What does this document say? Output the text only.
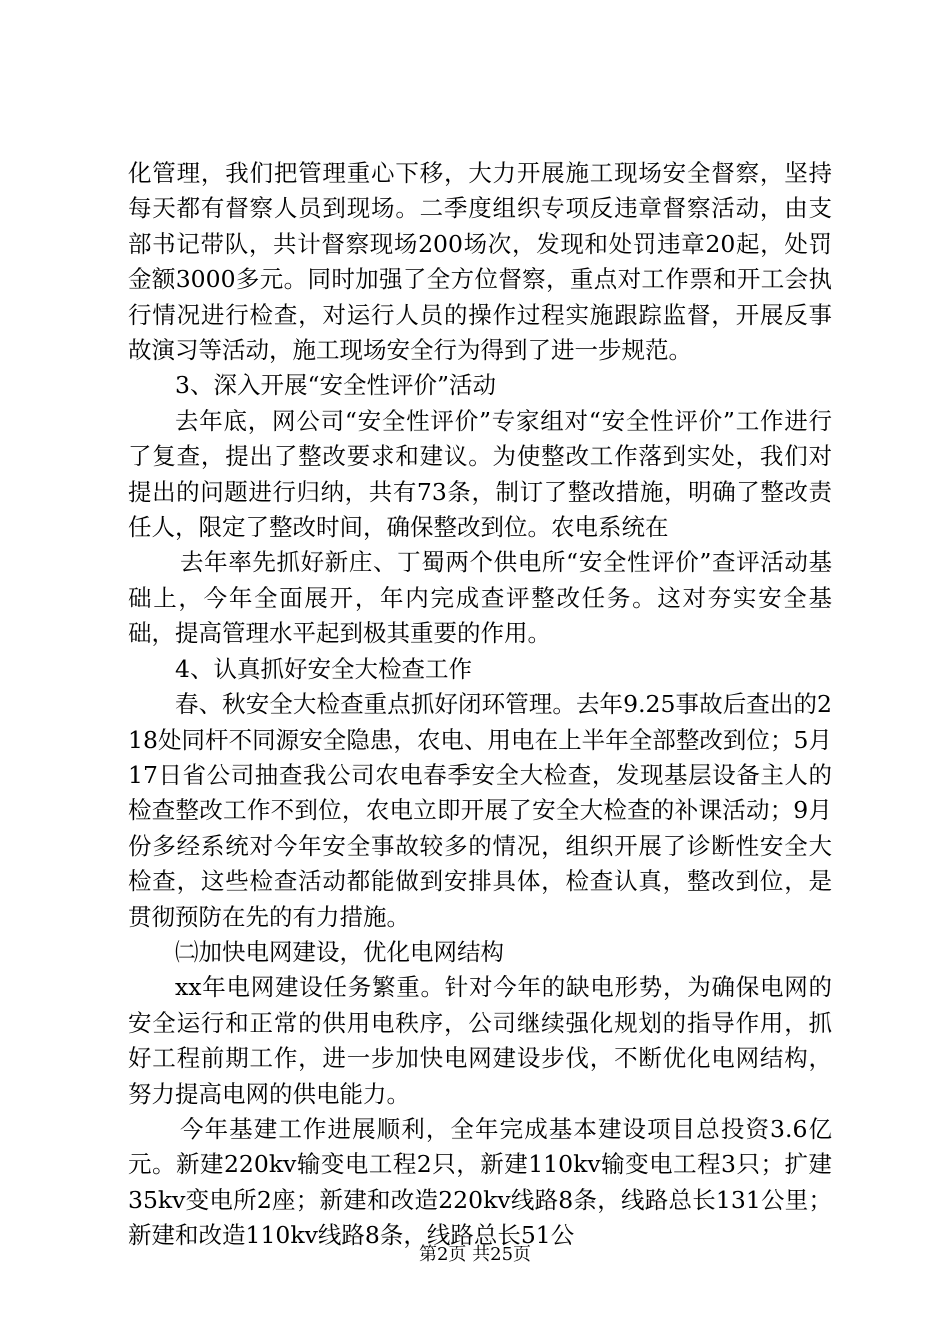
化管理，我们把管理重心下移，大力开展施工现场安全督察，坚持每天都有督察人员到现场。二季度组织专项反违章督察活动，由支部书记带队，共计督察现场200场次，发现和处罚违章20起，处罚金额3000多元。同时加强了全方位督察，重点对工作票和开工会执行情况进行检查，对运行人员的操作过程实施跟踪监督，开展反事故演习等活动，施工现场安全行为得到了进一步规范。

3、深入开展“安全性评价”活动

去年底，网公司“安全性评价”专家组对“安全性评价”工作进行了复查，提出了整改要求和建议。为使整改工作落到实处，我们对提出的问题进行归纳，共有73条，制订了整改措施，明确了整改责任人，限定了整改时间，确保整改到位。农电系统在

去年率先抓好新庄、丁蜀两个供电所“安全性评价”查评活动基础上，今年全面展开，年内完成查评整改任务。这对夯实安全基础，提高管理水平起到极其重要的作用。

4、认真抓好安全大检查工作

春、秋安全大检查重点抓好闭环管理。去年9.25事故后查出的218处同杆不同源安全隐患，农电、用电在上半年全部整改到位；5月17日省公司抽查我公司农电春季安全大检查，发现基层设备主人的检查整改工作不到位，农电立即开展了安全大检查的补课活动；9月份多经系统对今年安全事故较多的情况，组织开展了诊断性安全大检查，这些检查活动都能做到安排具体，检查认真，整改到位，是贯彻预防在先的有力措施。

㈡加快电网建设，优化电网结构

xx年电网建设任务繁重。针对今年的缺电形势，为确保电网的安全运行和正常的供用电秩序，公司继续强化规划的指导作用，抓好工程前期工作，进一步加快电网建设步伐，不断优化电网结构，努力提高电网的供电能力。

今年基建工作进展顺利，全年完成基本建设项目总投资3.6亿元。新建220kv输变电工程2只，新建110kv输变电工程3只；扩建35kv变电所2座；新建和改造220kv线路8条，线路总长131公里；新建和改造110kv线路8条，线路总长51公

第2页 共25页
